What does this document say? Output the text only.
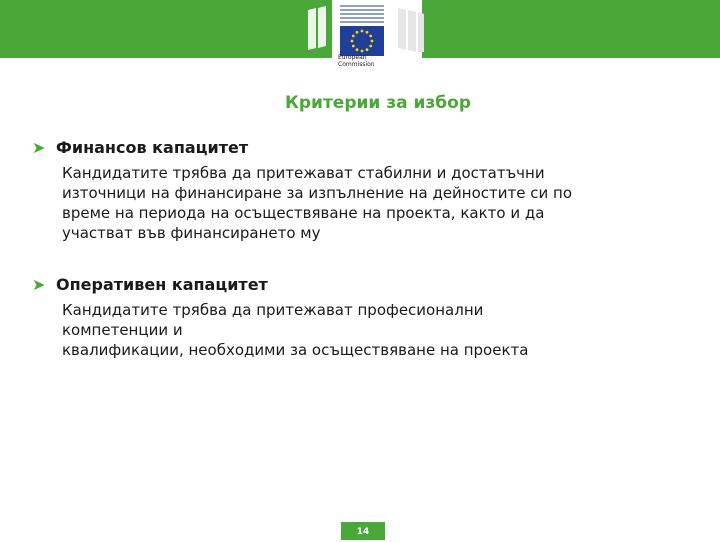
European
Commission
Критерии за избор
➤ Финансов капацитет
Кандидатите трябва да притежават стабилни и достатъчни
източници на финансиране за изпълнение на дейностите си по
време на периода на осъществяване на проекта, както и да
участват във финансирането му
➤ Оперативен капацитет
Кандидатите трябва да притежават професионални
компетенции и
квалификации, необходими за осъществяване на проекта
14
